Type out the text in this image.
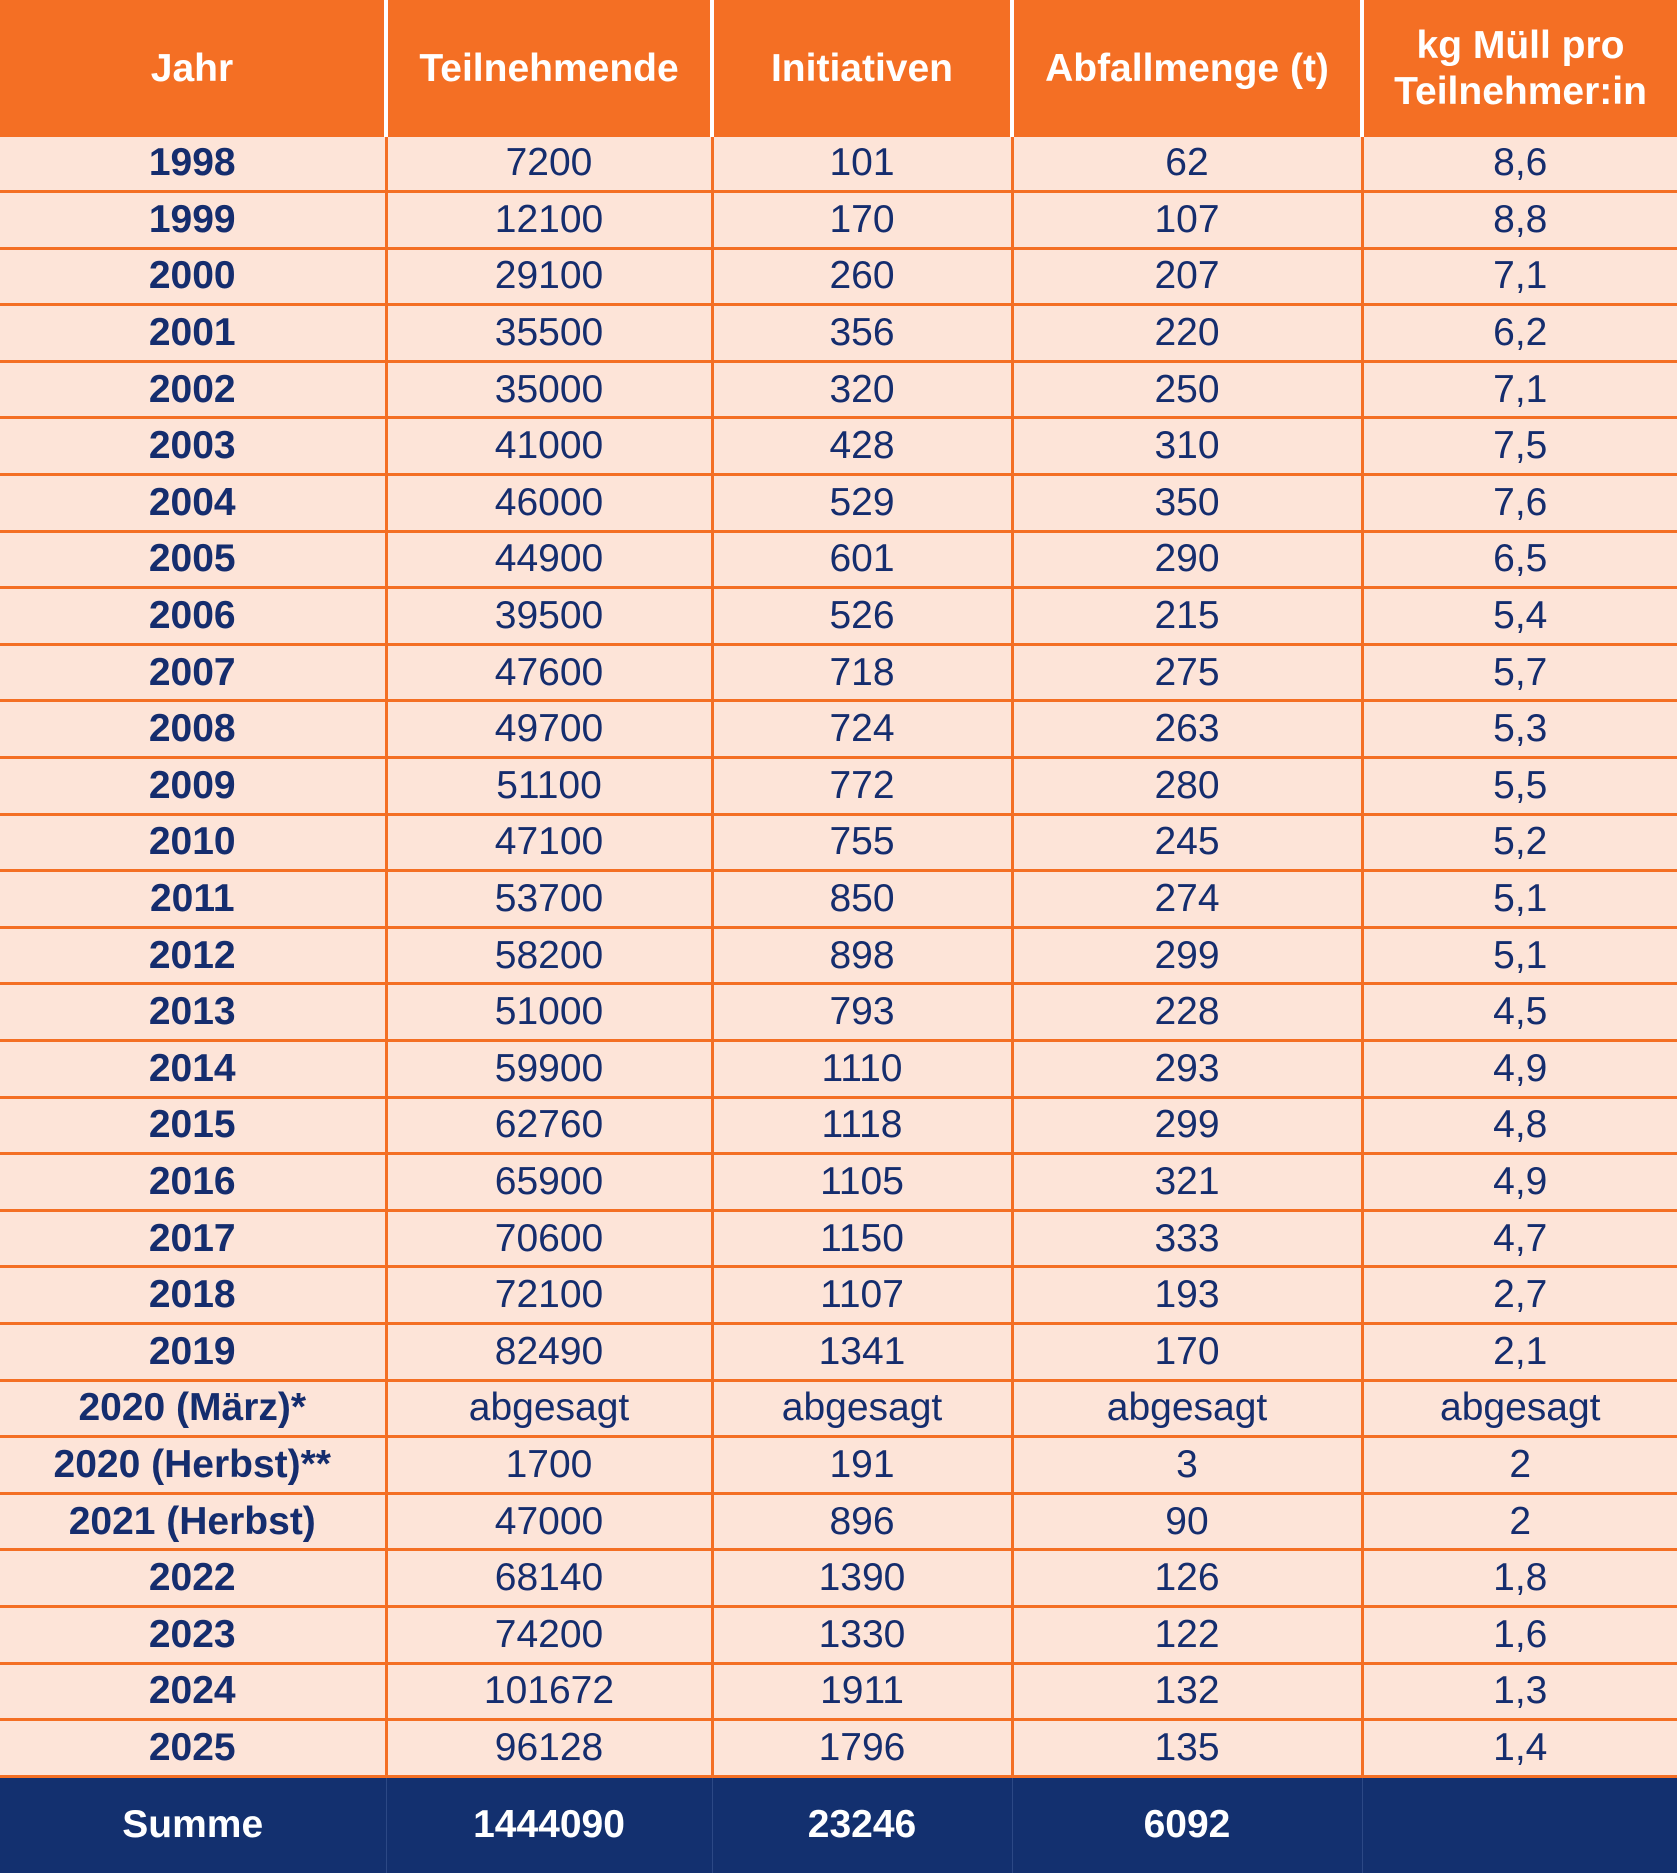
Jahr	Teilnehmende	Initiativen	Abfallmenge (t)	kg Müll pro
Teilnehmer:in
1998	7200	101	62	8,6
1999	12100	170	107	8,8
2000	29100	260	207	7,1
2001	35500	356	220	6,2
2002	35000	320	250	7,1
2003	41000	428	310	7,5
2004	46000	529	350	7,6
2005	44900	601	290	6,5
2006	39500	526	215	5,4
2007	47600	718	275	5,7
2008	49700	724	263	5,3
2009	51100	772	280	5,5
2010	47100	755	245	5,2
2011	53700	850	274	5,1
2012	58200	898	299	5,1
2013	51000	793	228	4,5
2014	59900	1110	293	4,9
2015	62760	1118	299	4,8
2016	65900	1105	321	4,9
2017	70600	1150	333	4,7
2018	72100	1107	193	2,7
2019	82490	1341	170	2,1
2020 (März)*	abgesagt	abgesagt	abgesagt	abgesagt
2020 (Herbst)**	1700	191	3	2
2021 (Herbst)	47000	896	90	2
2022	68140	1390	126	1,8
2023	74200	1330	122	1,6
2024	101672	1911	132	1,3
2025	96128	1796	135	1,4
Summe	1444090	23246	6092	
